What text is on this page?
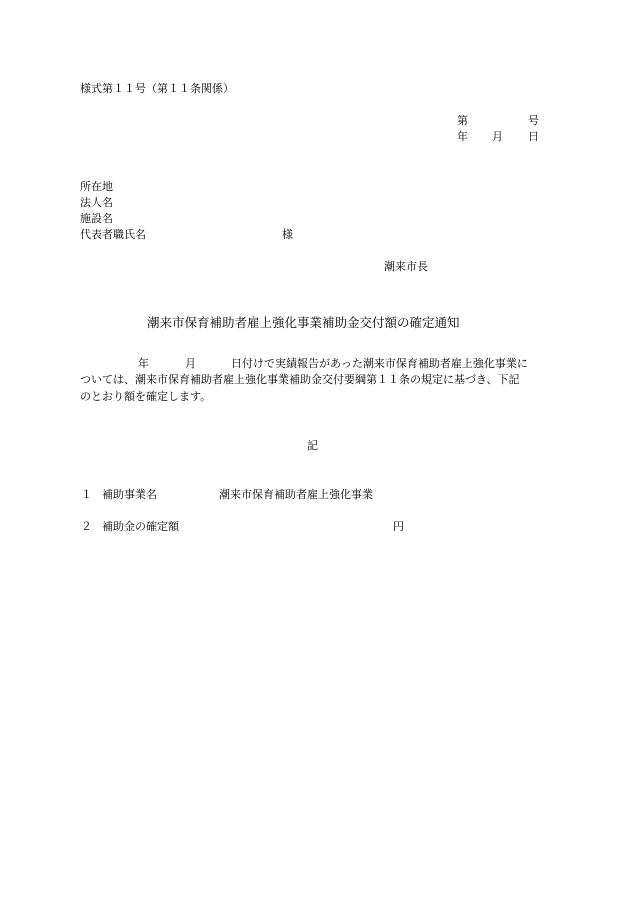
様式第１１号（第１１条関係）
第	号
年 月 日
所在地
法人名
施設名
代表者職氏名	様
潮来市長
潮来市保育補助者雇上強化事業補助金交付額の確定通知
年	月	日付けで実績報告があった潮来市保育補助者雇上強化事業に
ついては、潮来市保育補助者雇上強化事業補助金交付要綱第１１条の規定に基づき、下記
のとおり額を確定します。
記
１ 補助事業名	潮来市保育補助者雇上強化事業
２ 補助金の確定額	円
